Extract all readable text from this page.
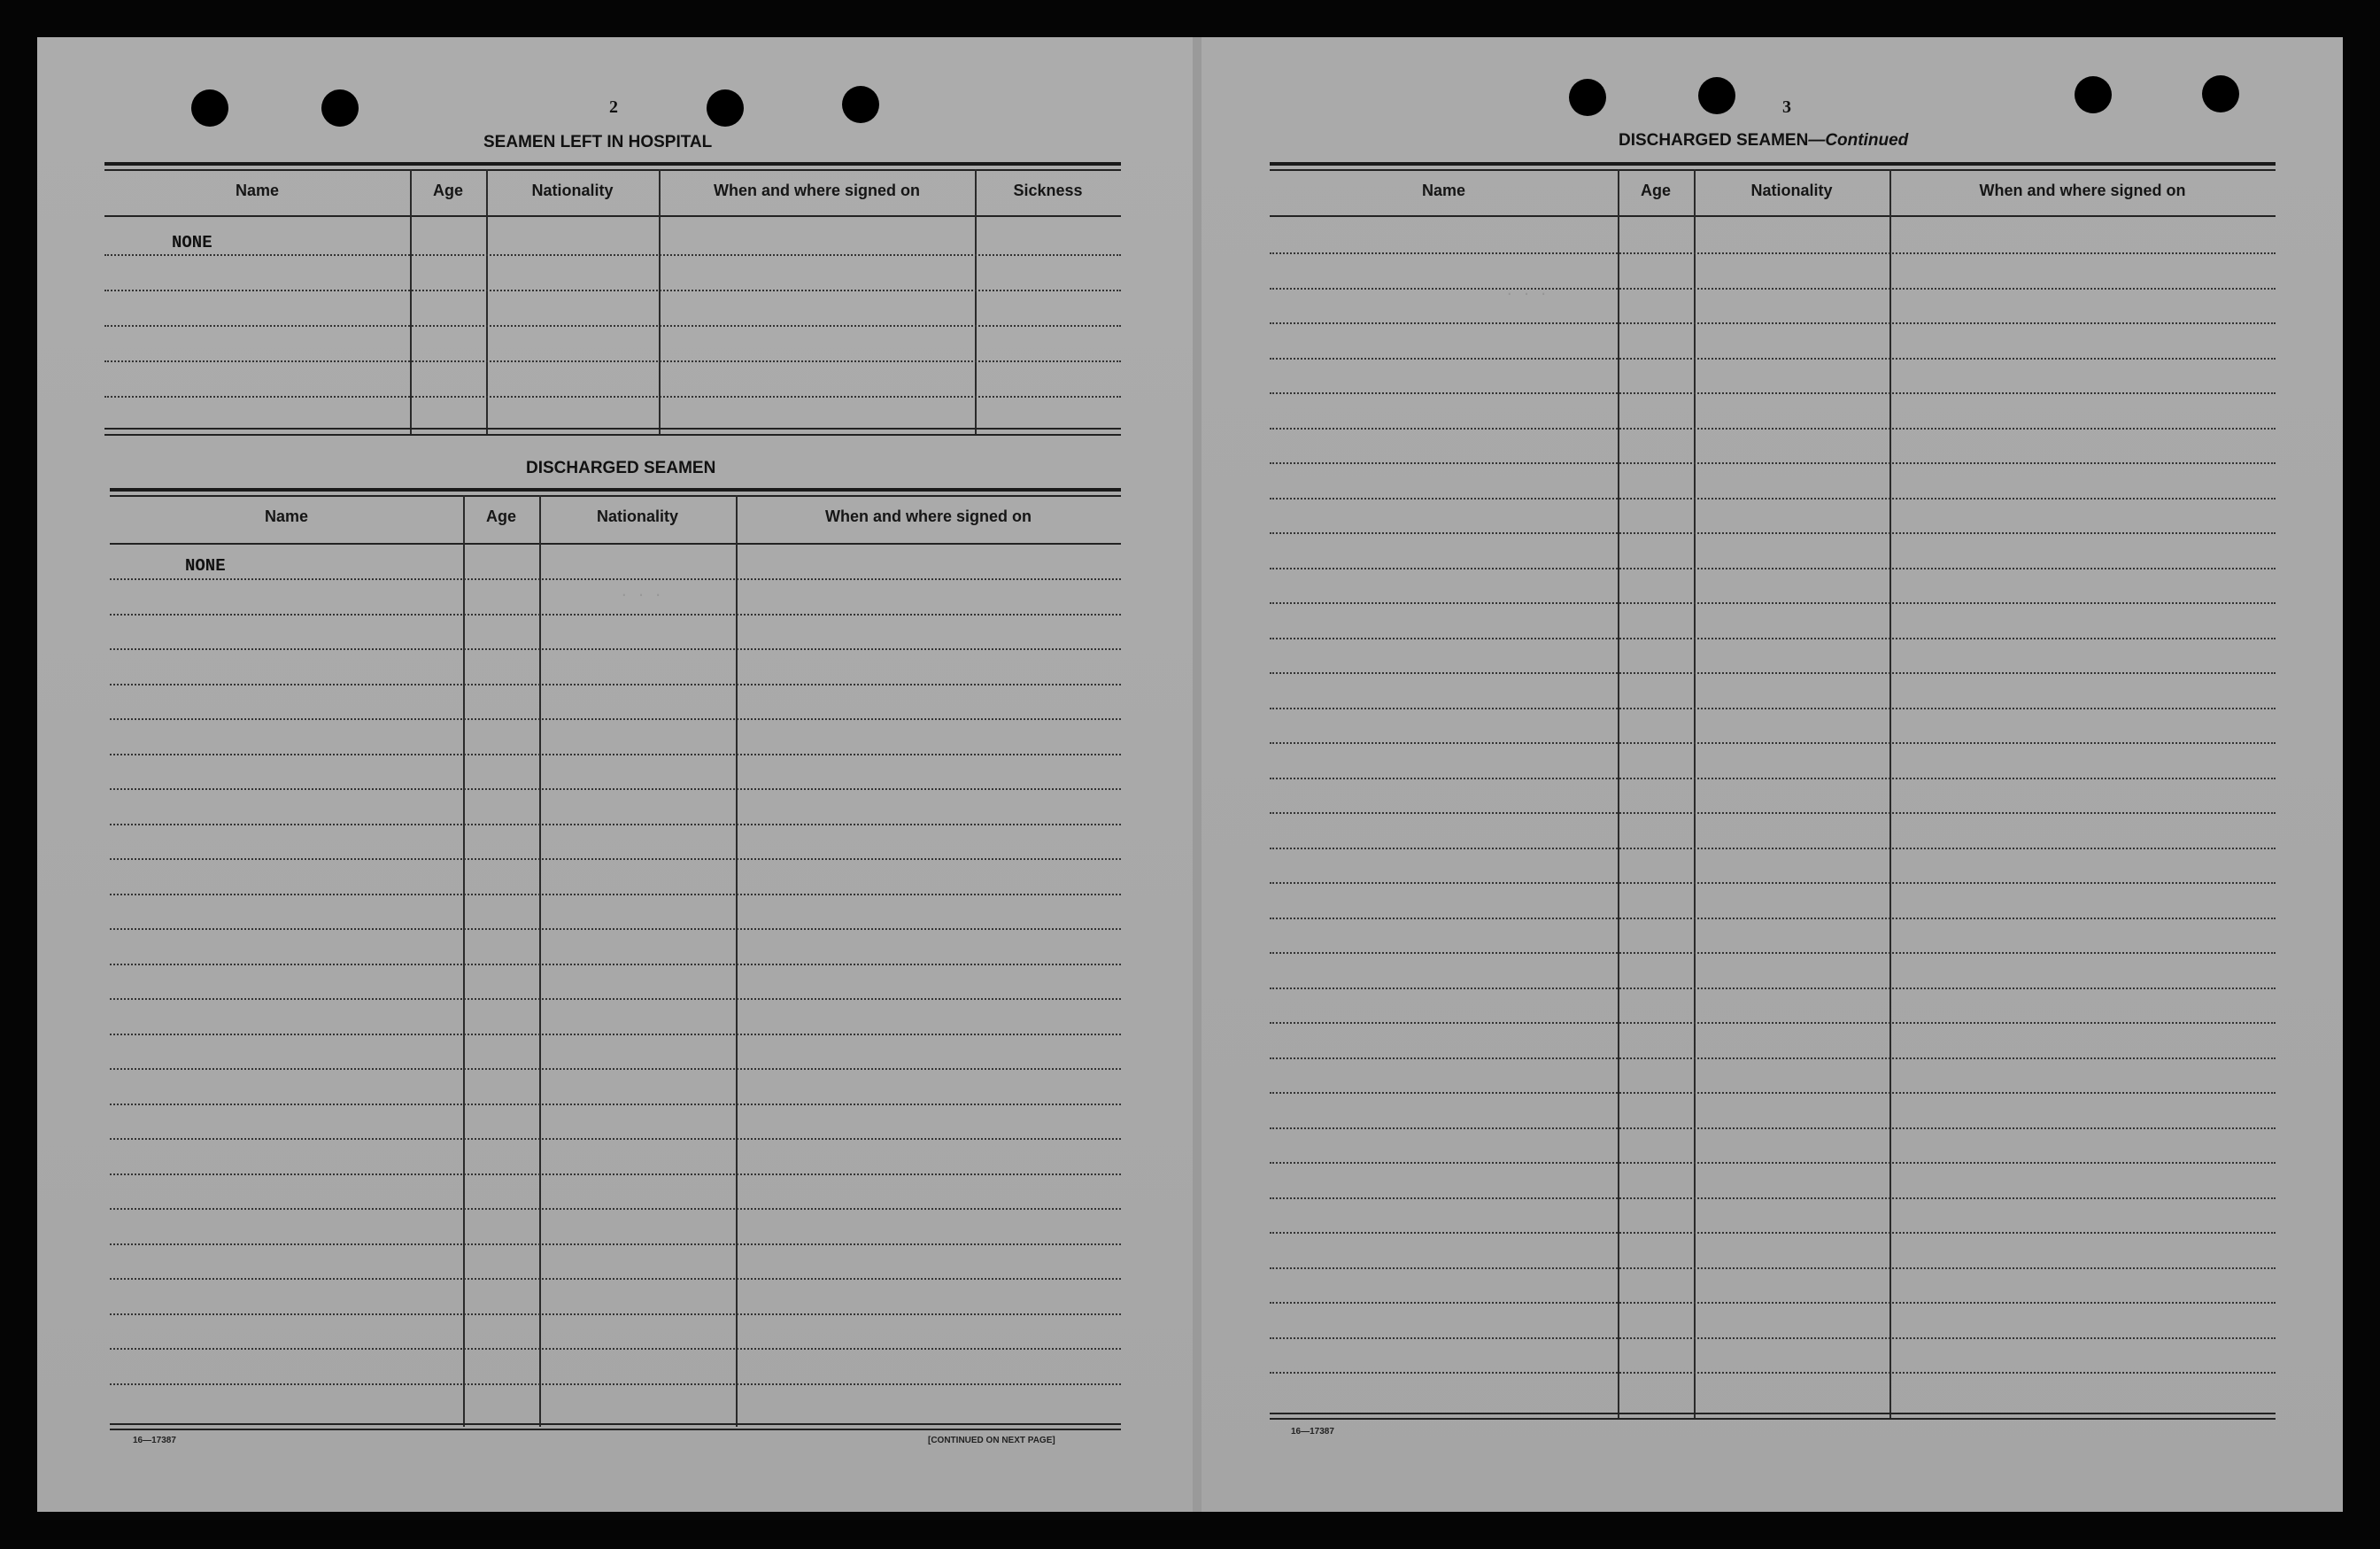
. . .
. . .
2
SEAMEN LEFT IN HOSPITAL
Name	Age	Nationality	When and where signed on	Sickness
NONE
DISCHARGED SEAMEN
Name	Age	Nationality	When and where signed on
NONE
16—17387	[CONTINUED ON NEXT PAGE]
3
DISCHARGED SEAMEN—Continued
Name	Age	Nationality	When and where signed on
16—17387
